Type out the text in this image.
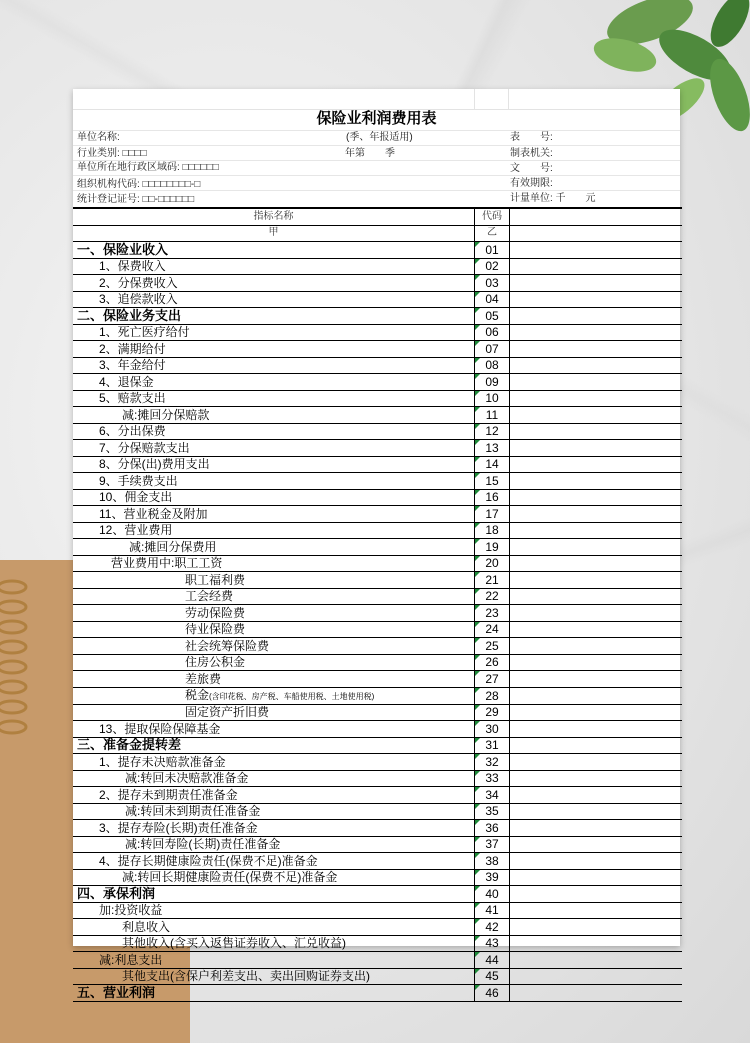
保险业利润费用表
单位名称:	(季、年报适用)	表　　号:
行业类别: □□□□	年第　　季	制表机关:
单位所在地行政区域码: □□□□□□	文　　号:
有效期限:
组织机构代码: □□□□□□□□-□
统计登记证号: □□-□□□□□□	计量单位: 千　　元
指标名称	代码	
甲	乙	
一、保险业收入	01	
1、保费收入	02	
2、分保费收入	03	
3、追偿款收入	04	
二、保险业务支出	05	
1、死亡医疗给付	06	
2、满期给付	07	
3、年金给付	08	
4、退保金	09	
5、赔款支出	10	
减:摊回分保赔款	11	
6、分出保费	12	
7、分保赔款支出	13	
8、分保(出)费用支出	14	
9、手续费支出	15	
10、佣金支出	16	
11、营业税金及附加	17	
12、营业费用	18	
减:摊回分保费用	19	
营业费用中:职工工资	20	
职工福利费	21	
工会经费	22	
劳动保险费	23	
待业保险费	24	
社会统筹保险费	25	
住房公积金	26	
差旅费	27	
税金(含印花税、房产税、车船使用税、土地使用税)	28	
固定资产折旧费	29	
13、提取保险保障基金	30	
三、准备金提转差	31	
1、提存未决赔款准备金	32	
减:转回未决赔款准备金	33	
2、提存未到期责任准备金	34	
减:转回未到期责任准备金	35	
3、提存寿险(长期)责任准备金	36	
减:转回寿险(长期)责任准备金	37	
4、提存长期健康险责任(保费不足)准备金	38	
减:转回长期健康险责任(保费不足)准备金	39	
四、承保利润	40	
加:投资收益	41	
利息收入	42	
其他收入(含买入返售证券收入、汇兑收益)	43	
减:利息支出	44	
其他支出(含保户利差支出、卖出回购证券支出)	45	
五、营业利润	46	
